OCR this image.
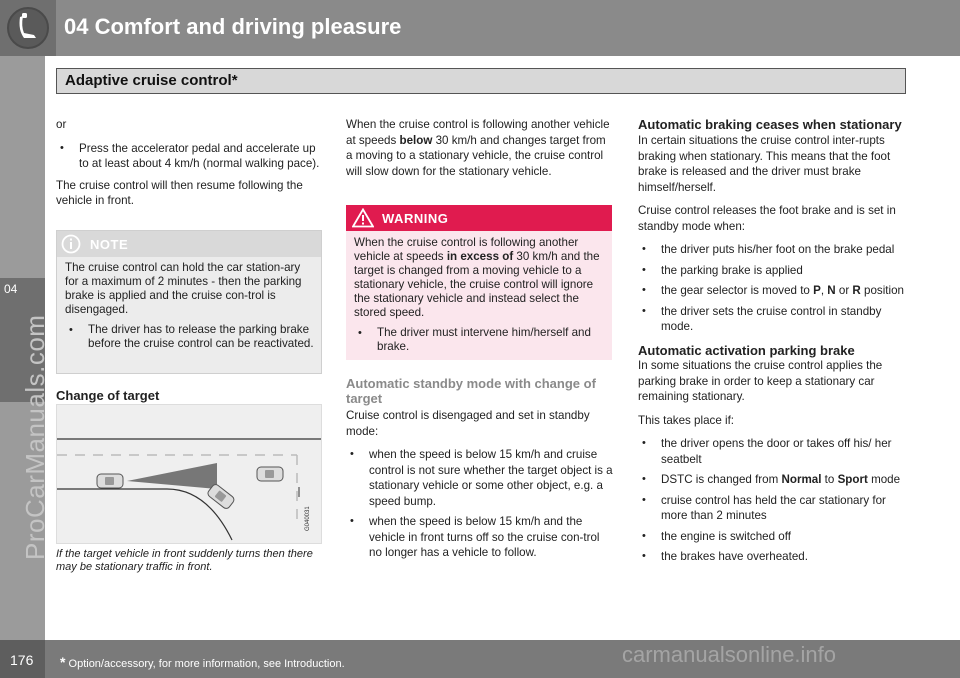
04 Comfort and driving pleasure
Adaptive cruise control*
04
ProCarManuals.com

or

• Press the accelerator pedal and accelerate up to at least about 4 km/h (normal walking pace).

The cruise control will then resume following the vehicle in front.

NOTE
The cruise control can hold the car station-ary for a maximum of 2 minutes - then the parking brake is applied and the cruise con-trol is disengaged.
• The driver has to release the parking brake before the cruise control can be reactivated.
Change of target
G040031
If the target vehicle in front suddenly turns then there may be stationary traffic in front.

When the cruise control is following another vehicle at speeds below 30 km/h and changes target from a moving to a stationary vehicle, the cruise control will slow down for the stationary vehicle.

WARNING
When the cruise control is following another vehicle at speeds in excess of 30 km/h and the target is changed from a moving vehicle to a stationary vehicle, the cruise control will ignore the stationary vehicle and instead select the stored speed.
• The driver must intervene him/herself and brake.
Automatic standby mode with change of target

Cruise control is disengaged and set in standby mode:

• when the speed is below 15 km/h and cruise control is not sure whether the target object is a stationary vehicle or some other object, e.g. a speed bump.
• when the speed is below 15 km/h and the vehicle in front turns off so the cruise con-trol no longer has a vehicle to follow.
Automatic braking ceases when stationary

In certain situations the cruise control inter-rupts braking when stationary. This means that the foot brake is released and the driver must brake himself/herself.

Cruise control releases the foot brake and is set in standby mode when:

• the driver puts his/her foot on the brake pedal
• the parking brake is applied
• the gear selector is moved to P, N or R position
• the driver sets the cruise control in standby mode.
Automatic activation parking brake

In some situations the cruise control applies the parking brake in order to keep a stationary car remaining stationary.

This takes place if:

• the driver opens the door or takes off his/ her seatbelt
• DSTC is changed from Normal to Sport mode
• cruise control has held the car stationary for more than 2 minutes
• the engine is switched off
• the brakes have overheated.
176 * Option/accessory, for more information, see Introduction.	carmanualsonline.info
